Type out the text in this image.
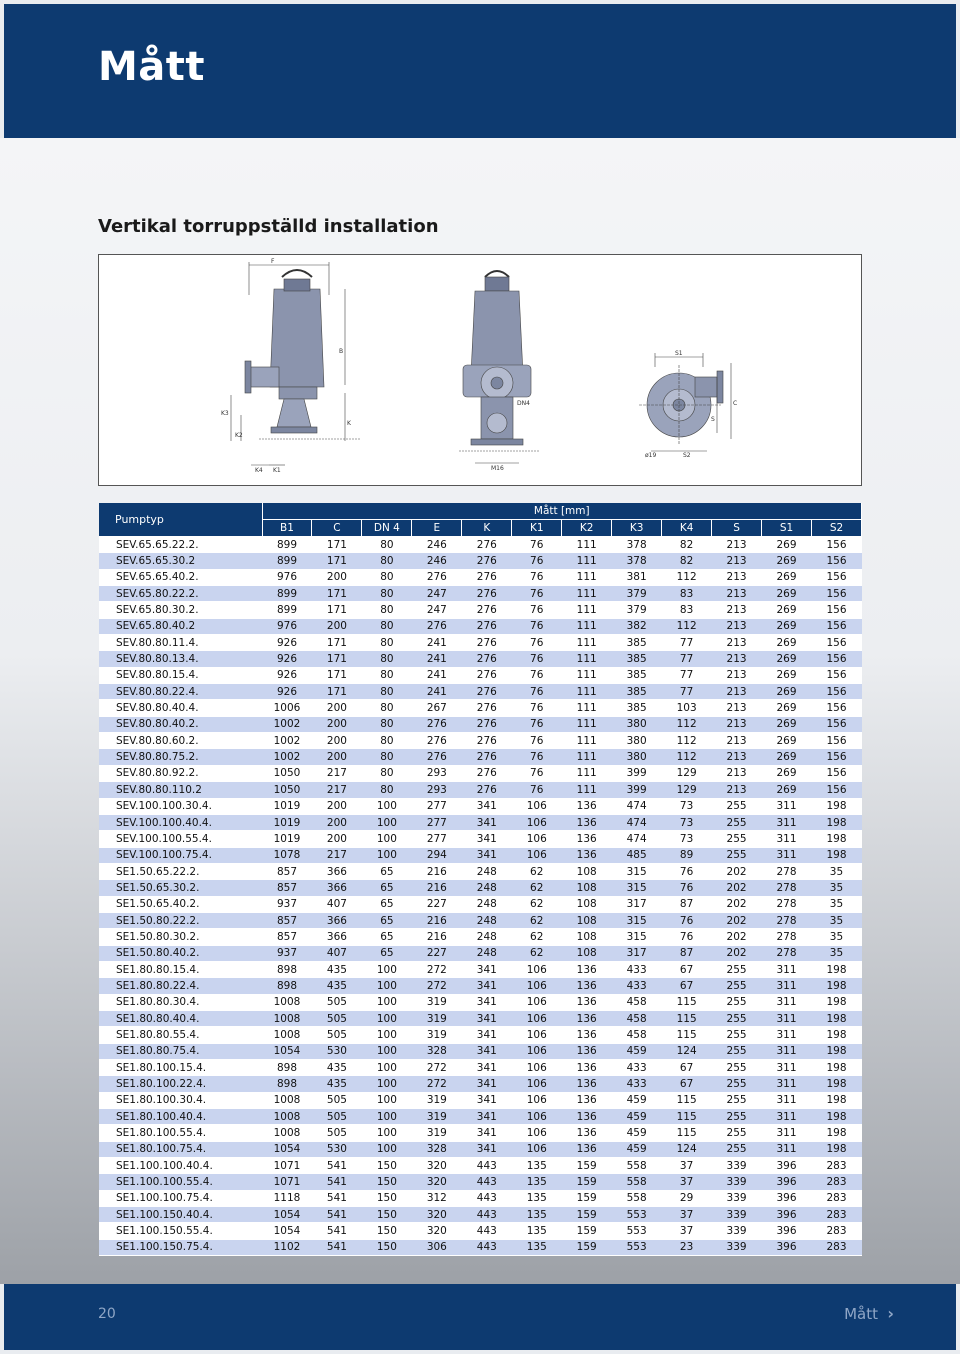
Mått
Vertikal torruppställd installation
F
B
K3
K2
K
K4 K1
DN4
M16
S1
C
S
ø19	S2
Pumptyp	Mått [mm]											
	B1	C	DN 4	E	K	K1	K2	K3	K4	S	S1	S2
SEV.65.65.22.2.	899	171	80	246	276	76	111	378	82	213	269	156
SEV.65.65.30.2	899	171	80	246	276	76	111	378	82	213	269	156
SEV.65.65.40.2.	976	200	80	276	276	76	111	381	112	213	269	156
SEV.65.80.22.2.	899	171	80	247	276	76	111	379	83	213	269	156
SEV.65.80.30.2.	899	171	80	247	276	76	111	379	83	213	269	156
SEV.65.80.40.2	976	200	80	276	276	76	111	382	112	213	269	156
SEV.80.80.11.4.	926	171	80	241	276	76	111	385	77	213	269	156
SEV.80.80.13.4.	926	171	80	241	276	76	111	385	77	213	269	156
SEV.80.80.15.4.	926	171	80	241	276	76	111	385	77	213	269	156
SEV.80.80.22.4.	926	171	80	241	276	76	111	385	77	213	269	156
SEV.80.80.40.4.	1006	200	80	267	276	76	111	385	103	213	269	156
SEV.80.80.40.2.	1002	200	80	276	276	76	111	380	112	213	269	156
SEV.80.80.60.2.	1002	200	80	276	276	76	111	380	112	213	269	156
SEV.80.80.75.2.	1002	200	80	276	276	76	111	380	112	213	269	156
SEV.80.80.92.2.	1050	217	80	293	276	76	111	399	129	213	269	156
SEV.80.80.110.2	1050	217	80	293	276	76	111	399	129	213	269	156
SEV.100.100.30.4.	1019	200	100	277	341	106	136	474	73	255	311	198
SEV.100.100.40.4.	1019	200	100	277	341	106	136	474	73	255	311	198
SEV.100.100.55.4.	1019	200	100	277	341	106	136	474	73	255	311	198
SEV.100.100.75.4.	1078	217	100	294	341	106	136	485	89	255	311	198
SE1.50.65.22.2.	857	366	65	216	248	62	108	315	76	202	278	35
SE1.50.65.30.2.	857	366	65	216	248	62	108	315	76	202	278	35
SE1.50.65.40.2.	937	407	65	227	248	62	108	317	87	202	278	35
SE1.50.80.22.2.	857	366	65	216	248	62	108	315	76	202	278	35
SE1.50.80.30.2.	857	366	65	216	248	62	108	315	76	202	278	35
SE1.50.80.40.2.	937	407	65	227	248	62	108	317	87	202	278	35
SE1.80.80.15.4.	898	435	100	272	341	106	136	433	67	255	311	198
SE1.80.80.22.4.	898	435	100	272	341	106	136	433	67	255	311	198
SE1.80.80.30.4.	1008	505	100	319	341	106	136	458	115	255	311	198
SE1.80.80.40.4.	1008	505	100	319	341	106	136	458	115	255	311	198
SE1.80.80.55.4.	1008	505	100	319	341	106	136	458	115	255	311	198
SE1.80.80.75.4.	1054	530	100	328	341	106	136	459	124	255	311	198
SE1.80.100.15.4.	898	435	100	272	341	106	136	433	67	255	311	198
SE1.80.100.22.4.	898	435	100	272	341	106	136	433	67	255	311	198
SE1.80.100.30.4.	1008	505	100	319	341	106	136	459	115	255	311	198
SE1.80.100.40.4.	1008	505	100	319	341	106	136	459	115	255	311	198
SE1.80.100.55.4.	1008	505	100	319	341	106	136	459	115	255	311	198
SE1.80.100.75.4.	1054	530	100	328	341	106	136	459	124	255	311	198
SE1.100.100.40.4.	1071	541	150	320	443	135	159	558	37	339	396	283
SE1.100.100.55.4.	1071	541	150	320	443	135	159	558	37	339	396	283
SE1.100.100.75.4.	1118	541	150	312	443	135	159	558	29	339	396	283
SE1.100.150.40.4.	1054	541	150	320	443	135	159	553	37	339	396	283
SE1.100.150.55.4.	1054	541	150	320	443	135	159	553	37	339	396	283
SE1.100.150.75.4.	1102	541	150	306	443	135	159	553	23	339	396	283
20	Mått ›
